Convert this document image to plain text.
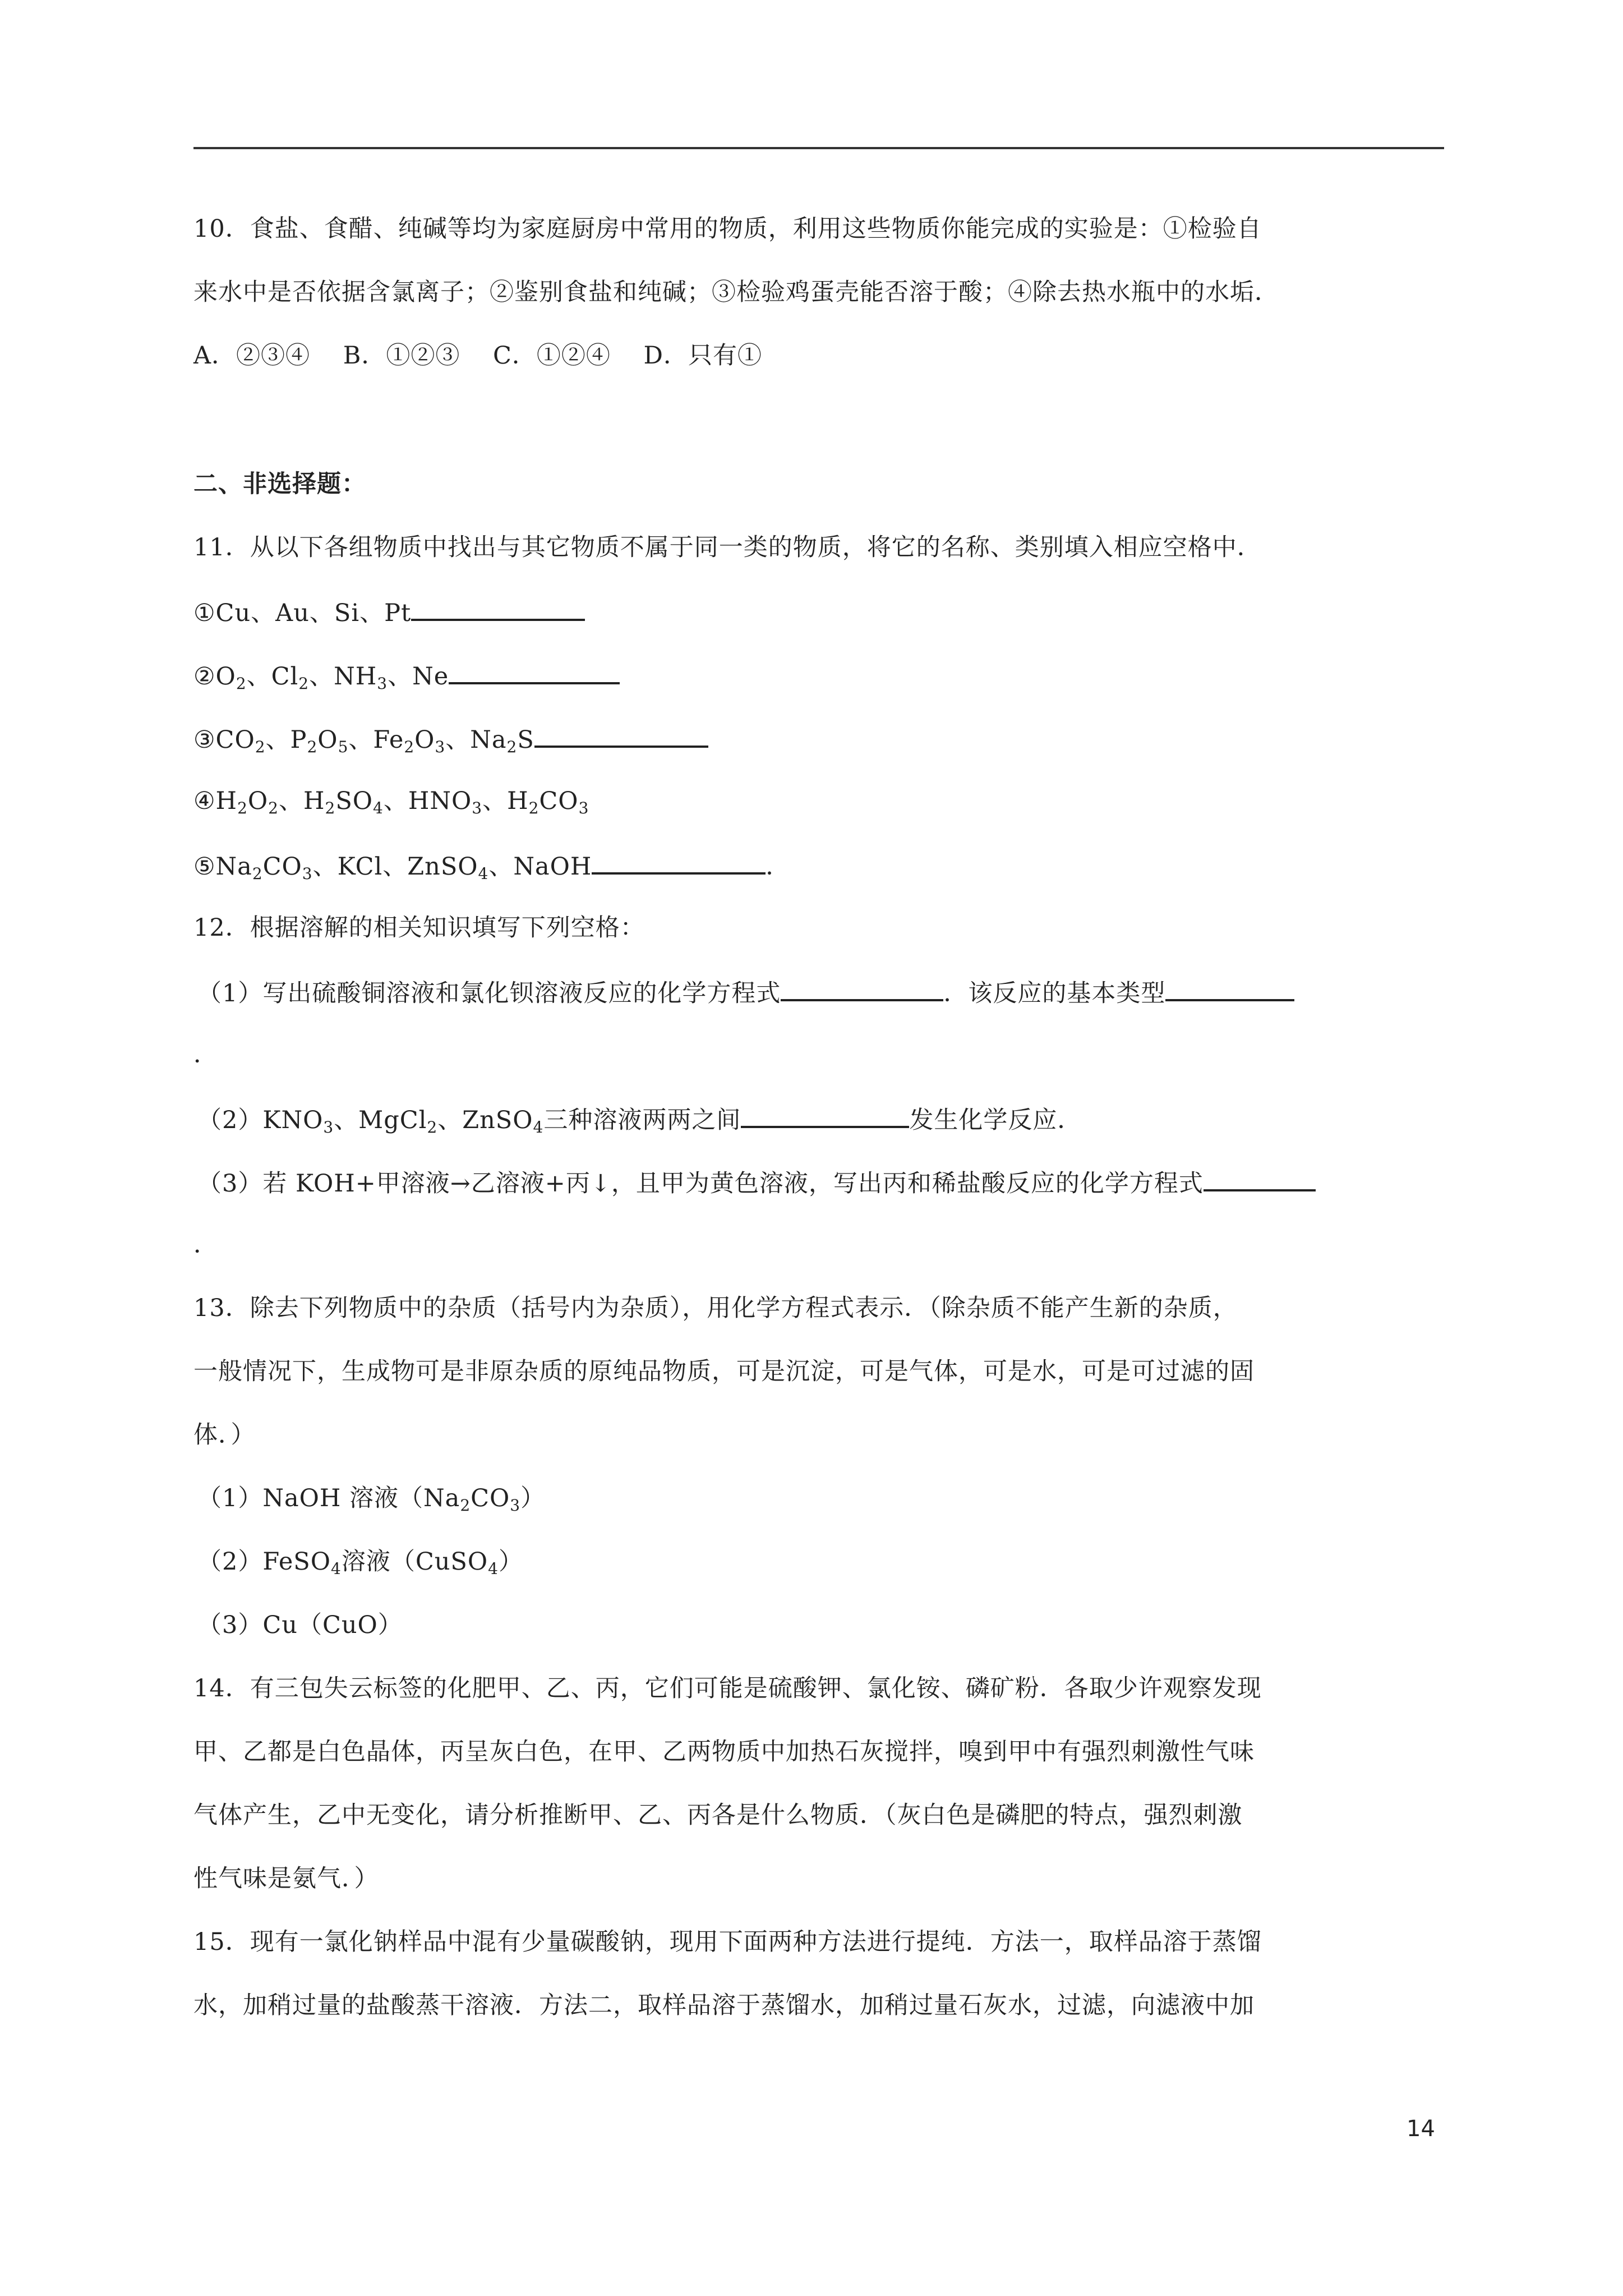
10．食盐、食醋、纯碱等均为家庭厨房中常用的物质，利用这些物质你能完成的实验是：①检验自
来水中是否依据含氯离子；②鉴别食盐和纯碱；③检验鸡蛋壳能否溶于酸；④除去热水瓶中的水垢．
A．②③④　 B．①②③　 C．①②④　 D．只有①
二、非选择题：
11．从以下各组物质中找出与其它物质不属于同一类的物质，将它的名称、类别填入相应空格中．
①Cu、Au、Si、Pt
$②O_2$、$Cl_2$、$NH_3$、Ne
$③CO_2$、$P_2O_5$、$Fe_2O_3$、$Na_2S$
$④H_2O_2$、$H_2SO_4$、$HNO_3$、$H_2CO_3$
$⑤Na_2CO_3$、KCl、ZnSO$_4$、NaOH	．
12．根据溶解的相关知识填写下列空格：
（1）写出硫酸铜溶液和氯化钡溶液反应的化学方程式	．该反应的基本类型
．
$(2)KNO_3$、MgCl$_2$、ZnSO$_4$三种溶液两两之间	发生化学反应．
（3）若 KOH+甲溶液→乙溶液+丙↓，且甲为黄色溶液，写出丙和稀盐酸反应的化学方程式
．
13．除去下列物质中的杂质（括号内为杂质），用化学方程式表示．（除杂质不能产生新的杂质，
一般情况下，生成物可是非原杂质的原纯品物质，可是沉淀，可是气体，可是水，可是可过滤的固
体．）
（1）NaOH 溶液$(Na_2CO_3)$
（2）FeSO$_4$溶液（CuSO$_4$）
（3）Cu（CuO）
14．有三包失云标签的化肥甲、乙、丙，它们可能是硫酸钾、氯化铵、磷矿粉．各取少许观察发现
甲、乙都是白色晶体，丙呈灰白色，在甲、乙两物质中加热石灰搅拌，嗅到甲中有强烈刺激性气味
气体产生，乙中无变化，请分析推断甲、乙、丙各是什么物质．（灰白色是磷肥的特点，强烈刺激
性气味是氨气．）
15．现有一氯化钠样品中混有少量碳酸钠，现用下面两种方法进行提纯．方法一，取样品溶于蒸馏
水，加稍过量的盐酸蒸干溶液．方法二，取样品溶于蒸馏水，加稍过量石灰水，过滤，向滤液中加
14
